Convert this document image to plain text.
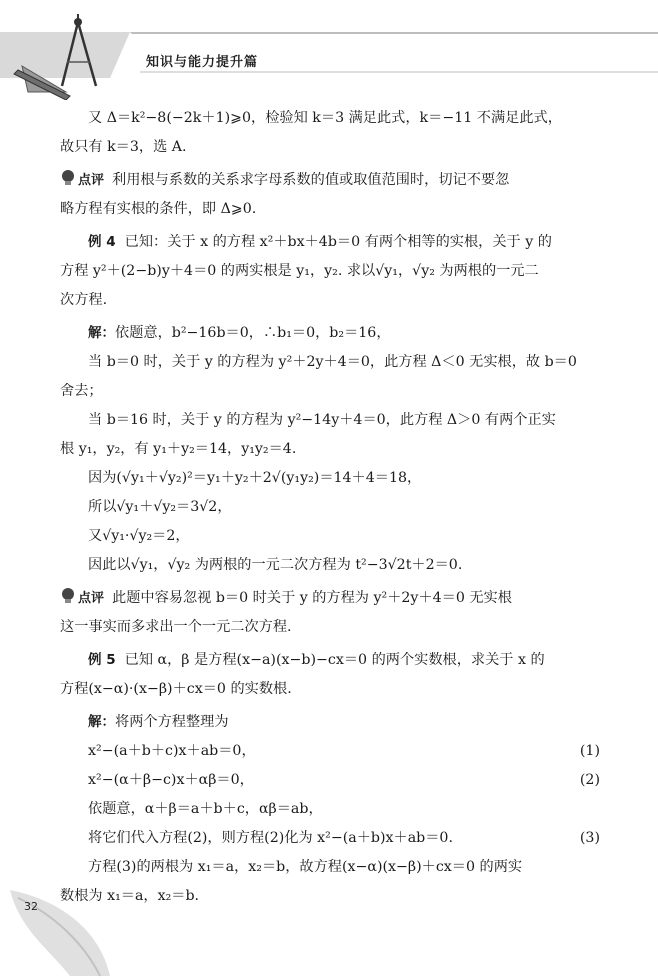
知识与能力提升篇

又 Δ＝k²−8(−2k＋1)⩾0，检验知 k＝3 满足此式，k＝−11 不满足此式，

故只有 k＝3，选 A.

点评 利用根与系数的关系求字母系数的值或取值范围时，切记不要忽

略方程有实根的条件，即 Δ⩾0.

例 4 已知：关于 x 的方程 x²＋bx＋4b＝0 有两个相等的实根，关于 y 的

方程 y²＋(2−b)y＋4＝0 的两实根是 y₁，y₂. 求以√y₁，√y₂ 为两根的一元二

次方程.

解：依题意，b²−16b＝0，∴b₁＝0，b₂＝16，

当 b＝0 时，关于 y 的方程为 y²＋2y＋4＝0，此方程 Δ＜0 无实根，故 b＝0

舍去；

当 b＝16 时，关于 y 的方程为 y²−14y＋4＝0，此方程 Δ＞0 有两个正实

根 y₁，y₂，有 y₁＋y₂＝14，y₁y₂＝4.

因为(√y₁＋√y₂)²＝y₁＋y₂＋2√(y₁y₂)＝14＋4＝18，

所以√y₁＋√y₂＝3√2，

又√y₁·√y₂＝2，

因此以√y₁，√y₂ 为两根的一元二次方程为 t²−3√2t＋2＝0.

点评 此题中容易忽视 b＝0 时关于 y 的方程为 y²＋2y＋4＝0 无实根

这一事实而多求出一个一元二次方程.

例 5 已知 α，β 是方程(x−a)(x−b)−cx＝0 的两个实数根，求关于 x 的

方程(x−α)·(x−β)＋cx＝0 的实数根.

解：将两个方程整理为

x²−(a＋b＋c)x＋ab＝0，	(1)

x²−(α＋β−c)x＋αβ＝0，	(2)

依题意，α＋β＝a＋b＋c，αβ＝ab，

将它们代入方程(2)，则方程(2)化为 x²−(a＋b)x＋ab＝0.	(3)

方程(3)的两根为 x₁＝a，x₂＝b，故方程(x−α)(x−β)＋cx＝0 的两实

数根为 x₁＝a，x₂＝b.

32
